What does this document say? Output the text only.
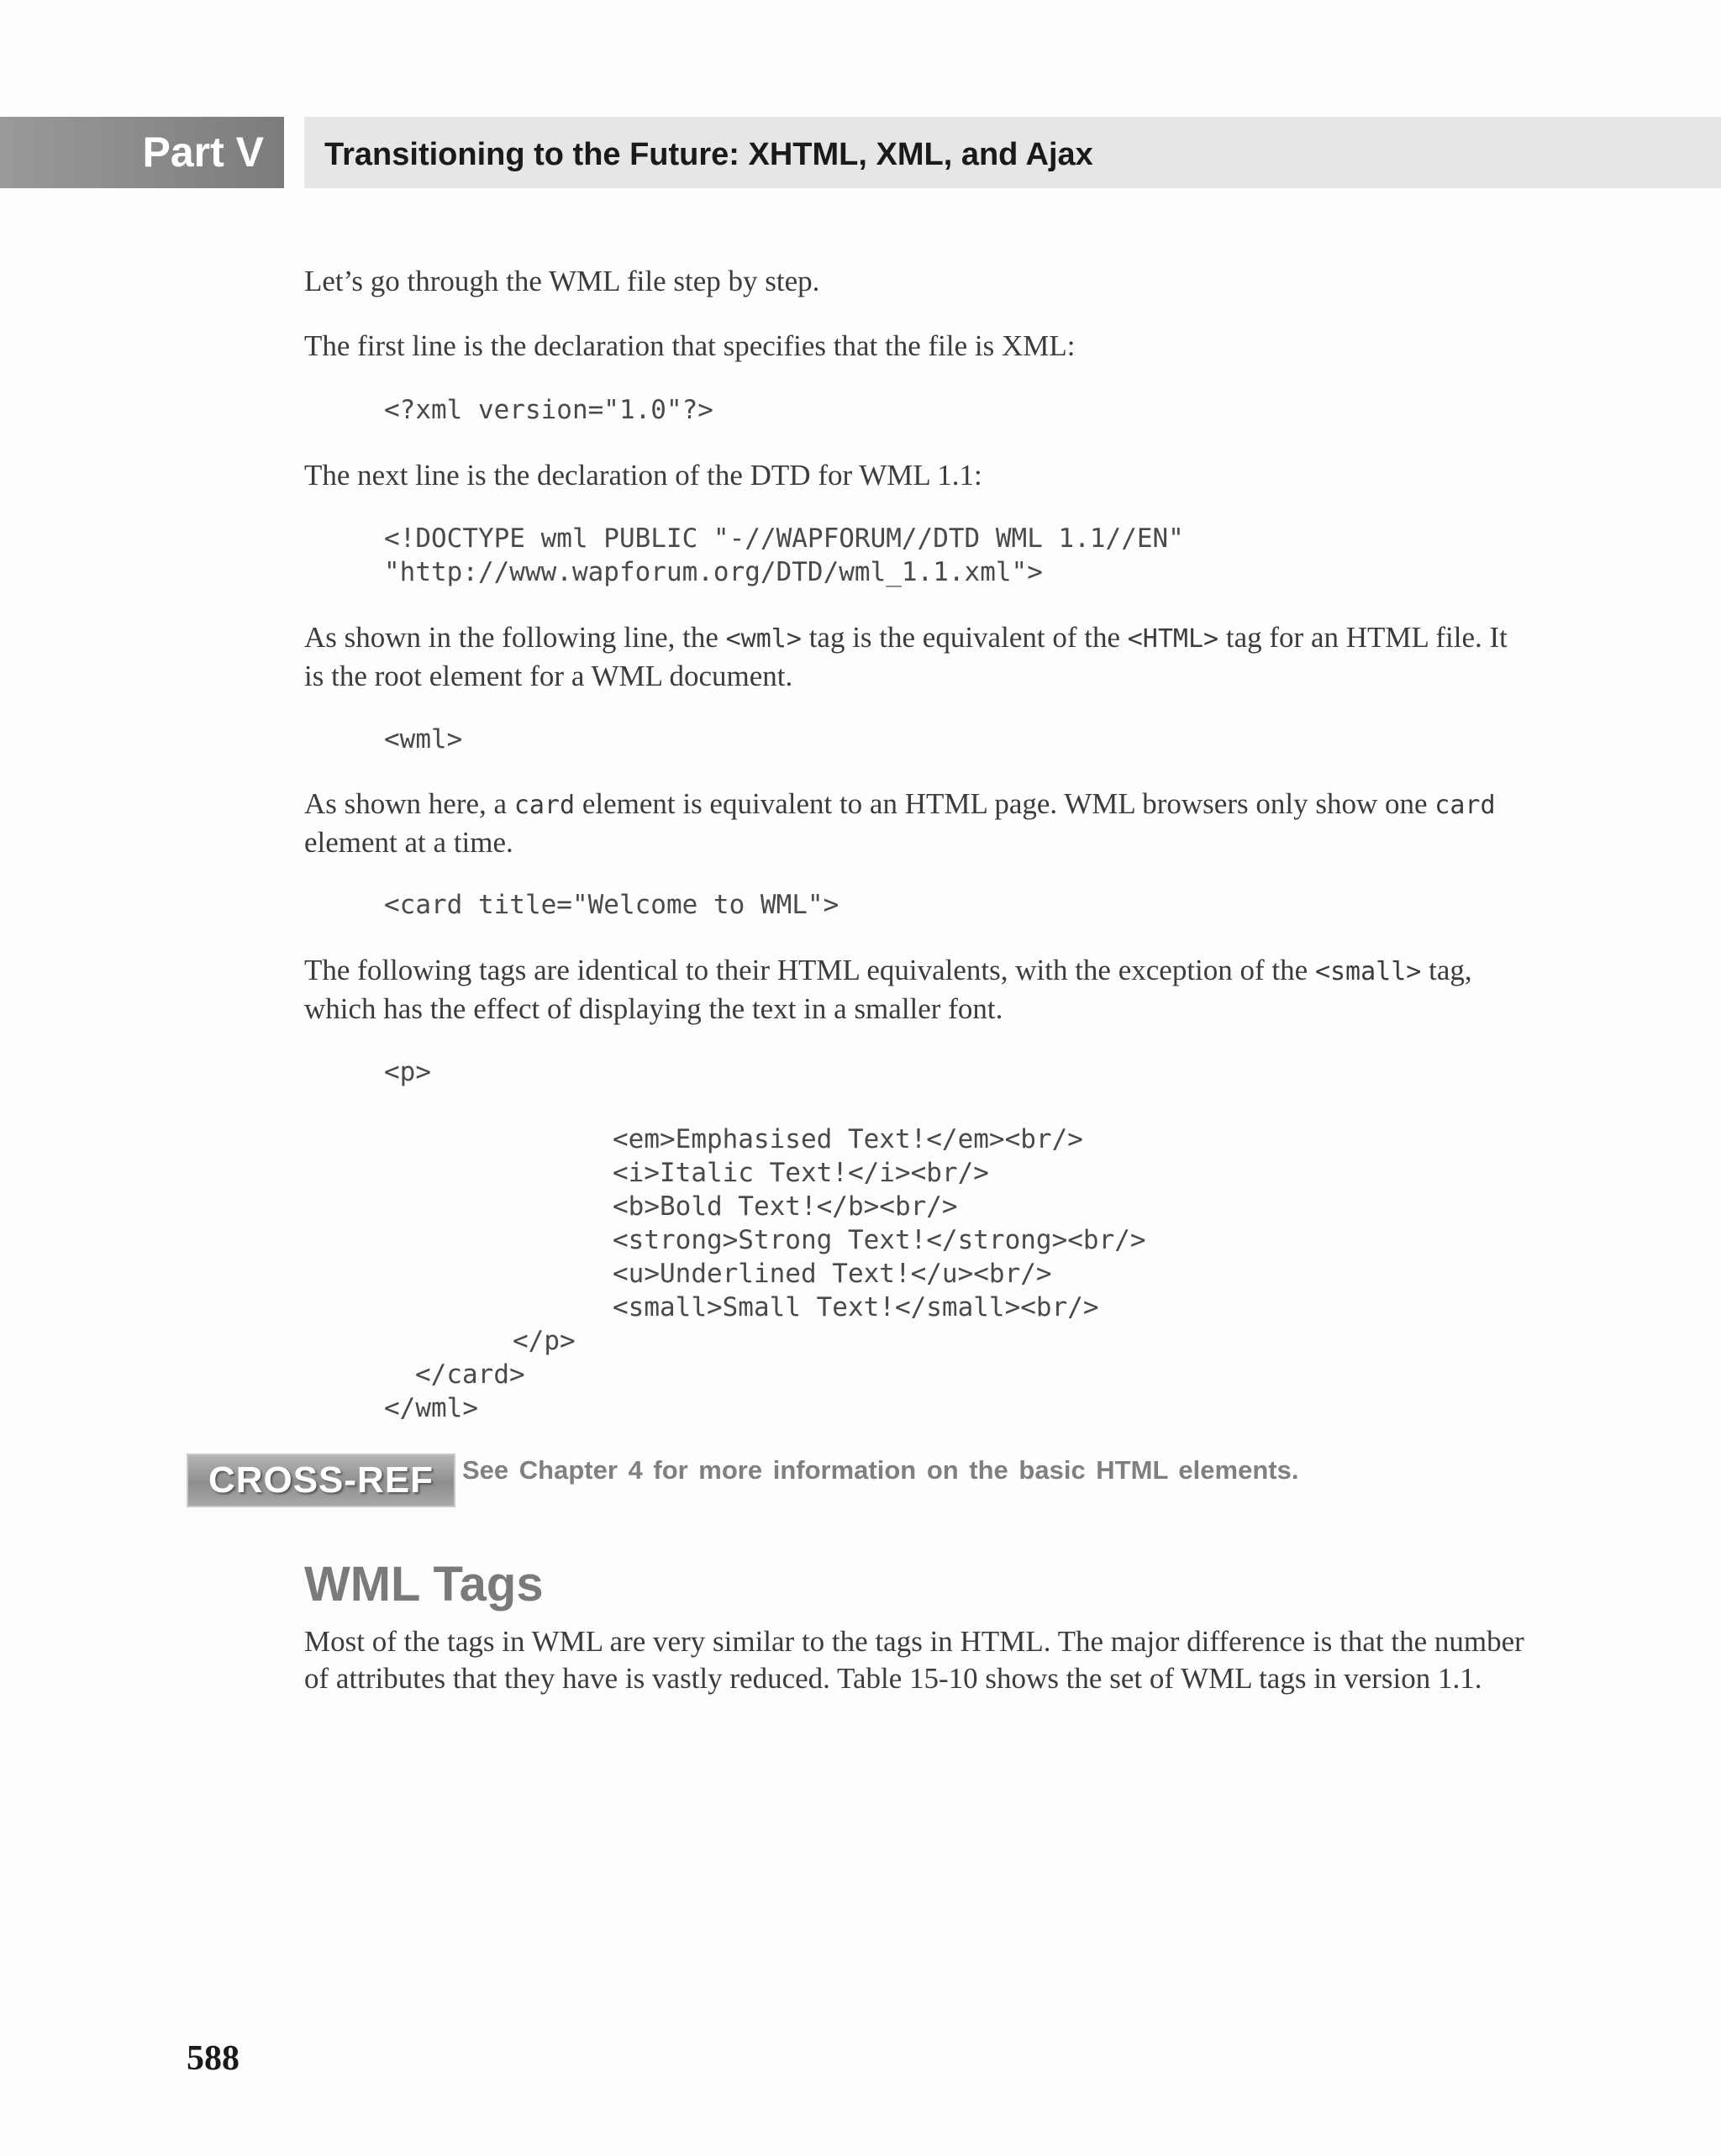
Part V	Transitioning to the Future: XHTML, XML, and Ajax

Let’s go through the WML file step by step.

The first line is the declaration that specifies that the file is XML:

<?xml version="1.0"?>

The next line is the declaration of the DTD for WML 1.1:

<!DOCTYPE wml PUBLIC "-//WAPFORUM//DTD WML 1.1//EN"
"http://www.wapforum.org/DTD/wml_1.1.xml">

As shown in the following line, the <wml> tag is the equivalent of the <HTML> tag for an HTML file. It is the root element for a WML document.

<wml>

As shown here, a card element is equivalent to an HTML page. WML browsers only show one card element at a time.

<card title="Welcome to WML">

The following tags are identical to their HTML equivalents, with the exception of the <small> tag, which has the effect of displaying the text in a smaller font.

<p>
<em>Emphasised Text!</em><br/>
<i>Italic Text!</i><br/>
<b>Bold Text!</b><br/>
<strong>Strong Text!</strong><br/>
<u>Underlined Text!</u><br/>
<small>Small Text!</small><br/>
</p>
</card>
</wml>
CROSS-REF	See Chapter 4 for more information on the basic HTML elements.
WML Tags

Most of the tags in WML are very similar to the tags in HTML. The major difference is that the number of attributes that they have is vastly reduced. Table 15-10 shows the set of WML tags in version 1.1.

588
